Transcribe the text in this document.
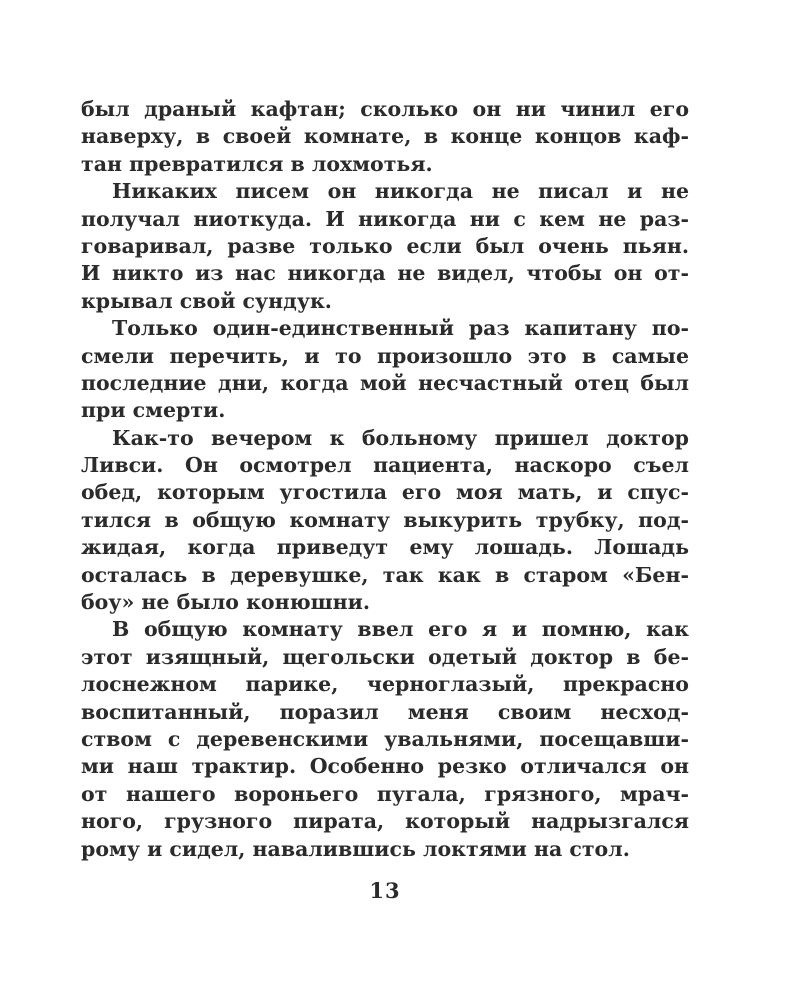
был драный кафтан; сколько он ни чинил его
наверху, в своей комнате, в конце концов каф-
тан превратился в лохмотья.
Никаких писем он никогда не писал и не
получал ниоткуда. И никогда ни с кем не раз-
говаривал, разве только если был очень пьян.
И никто из нас никогда не видел, чтобы он от-
крывал свой сундук.
Только один-единственный раз капитану по-
смели перечить, и то произошло это в самые
последние дни, когда мой несчастный отец был
при смерти.
Как-то вечером к больному пришел доктор
Ливси. Он осмотрел пациента, наскоро съел
обед, которым угостила его моя мать, и спус-
тился в общую комнату выкурить трубку, под-
жидая, когда приведут ему лошадь. Лошадь
осталась в деревушке, так как в старом «Бен-
боу» не было конюшни.
В общую комнату ввел его я и помню, как
этот изящный, щегольски одетый доктор в бе-
лоснежном парике, черноглазый, прекрасно
воспитанный, поразил меня своим несход-
ством с деревенскими увальнями, посещавши-
ми наш трактир. Особенно резко отличался он
от нашего вороньего пугала, грязного, мрач-
ного, грузного пирата, который надрызгался
рому и сидел, навалившись локтями на стол.
13
